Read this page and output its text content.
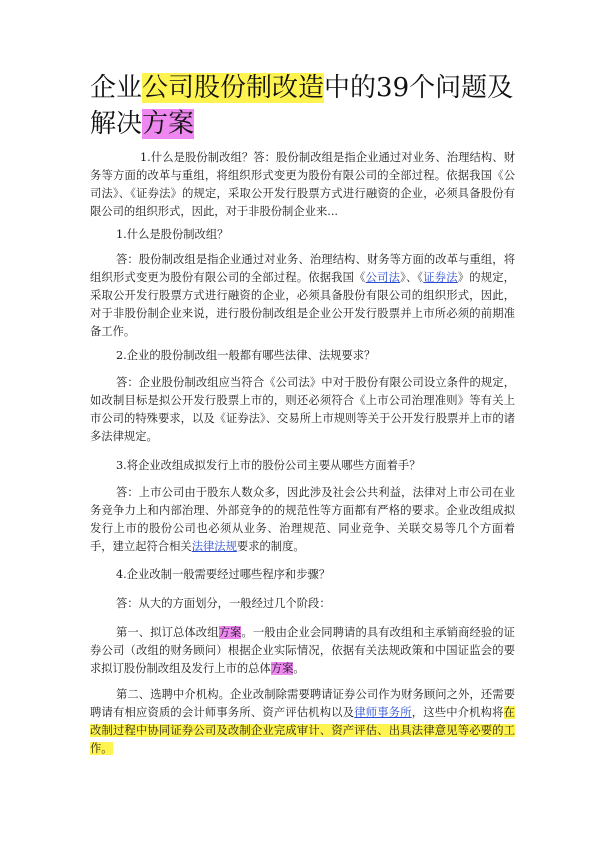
企业公司股份制改造中的39个问题及解决方案

1.什么是股份制改组？答：股份制改组是指企业通过对业务、治理结构、财务等方面的改革与重组，将组织形式变更为股份有限公司的全部过程。依据我国《公司法》、《证券法》的规定，采取公开发行股票方式进行融资的企业，必须具备股份有限公司的组织形式，因此，对于非股份制企业来...

1.什么是股份制改组？

答：股份制改组是指企业通过对业务、治理结构、财务等方面的改革与重组，将组织形式变更为股份有限公司的全部过程。依据我国《公司法》、《证券法》的规定，采取公开发行股票方式进行融资的企业，必须具备股份有限公司的组织形式，因此，对于非股份制企业来说，进行股份制改组是企业公开发行股票并上市所必须的前期准备工作。

2.企业的股份制改组一般都有哪些法律、法规要求？

答：企业股份制改组应当符合《公司法》中对于股份有限公司设立条件的规定，如改制目标是拟公开发行股票上市的，则还必须符合《上市公司治理准则》等有关上市公司的特殊要求，以及《证券法》、交易所上市规则等关于公开发行股票并上市的诸多法律规定。

3.将企业改组成拟发行上市的股份公司主要从哪些方面着手？

答：上市公司由于股东人数众多，因此涉及社会公共利益，法律对上市公司在业务竞争力上和内部治理、外部竞争的的规范性等方面都有严格的要求。企业改组成拟发行上市的股份公司也必须从业务、治理规范、同业竞争、关联交易等几个方面着手，建立起符合相关法律法规要求的制度。

4.企业改制一般需要经过哪些程序和步骤？

答：从大的方面划分，一般经过几个阶段：

第一、拟订总体改组方案。一般由企业会同聘请的具有改组和主承销商经验的证券公司（改组的财务顾问）根据企业实际情况，依据有关法规政策和中国证监会的要求拟订股份制改组及发行上市的总体方案。

第二、选聘中介机构。企业改制除需要聘请证券公司作为财务顾问之外，还需要聘请有相应资质的会计师事务所、资产评估机构以及律师事务所，这些中介机构将在改制过程中协同证券公司及改制企业完成审计、资产评估、出具法律意见等必要的工作。
